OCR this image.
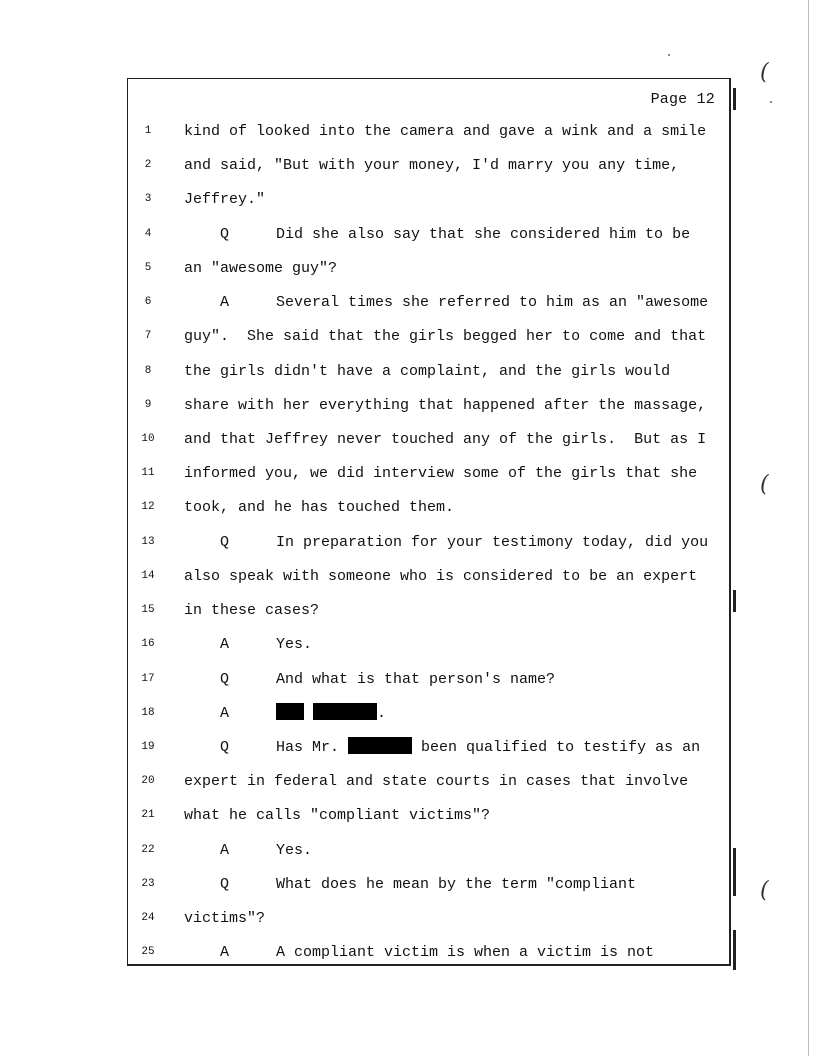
(
(
(
Page 12
1	kind of looked into the camera and gave a wink and a smile
2	and said, "But with your money, I'd marry you any time,
3	Jeffrey."
4	Q	Did she also say that she considered him to be
5	an "awesome guy"?
6	A	Several times she referred to him as an "awesome
7	guy".  She said that the girls begged her to come and that
8	the girls didn't have a complaint, and the girls would
9	share with her everything that happened after the massage,
10	and that Jeffrey never touched any of the girls.  But as I
11	informed you, we did interview some of the girls that she
12	took, and he has touched them.
13	Q	In preparation for your testimony today, did you
14	also speak with someone who is considered to be an expert
15	in these cases?
16	A	Yes.
17	Q	And what is that person's name?
18	A	.
19	Q	Has Mr.	been qualified to testify as an
20	expert in federal and state courts in cases that involve
21	what he calls "compliant victims"?
22	A	Yes.
23	Q	What does he mean by the term "compliant
24	victims"?
25	A	A compliant victim is when a victim is not
